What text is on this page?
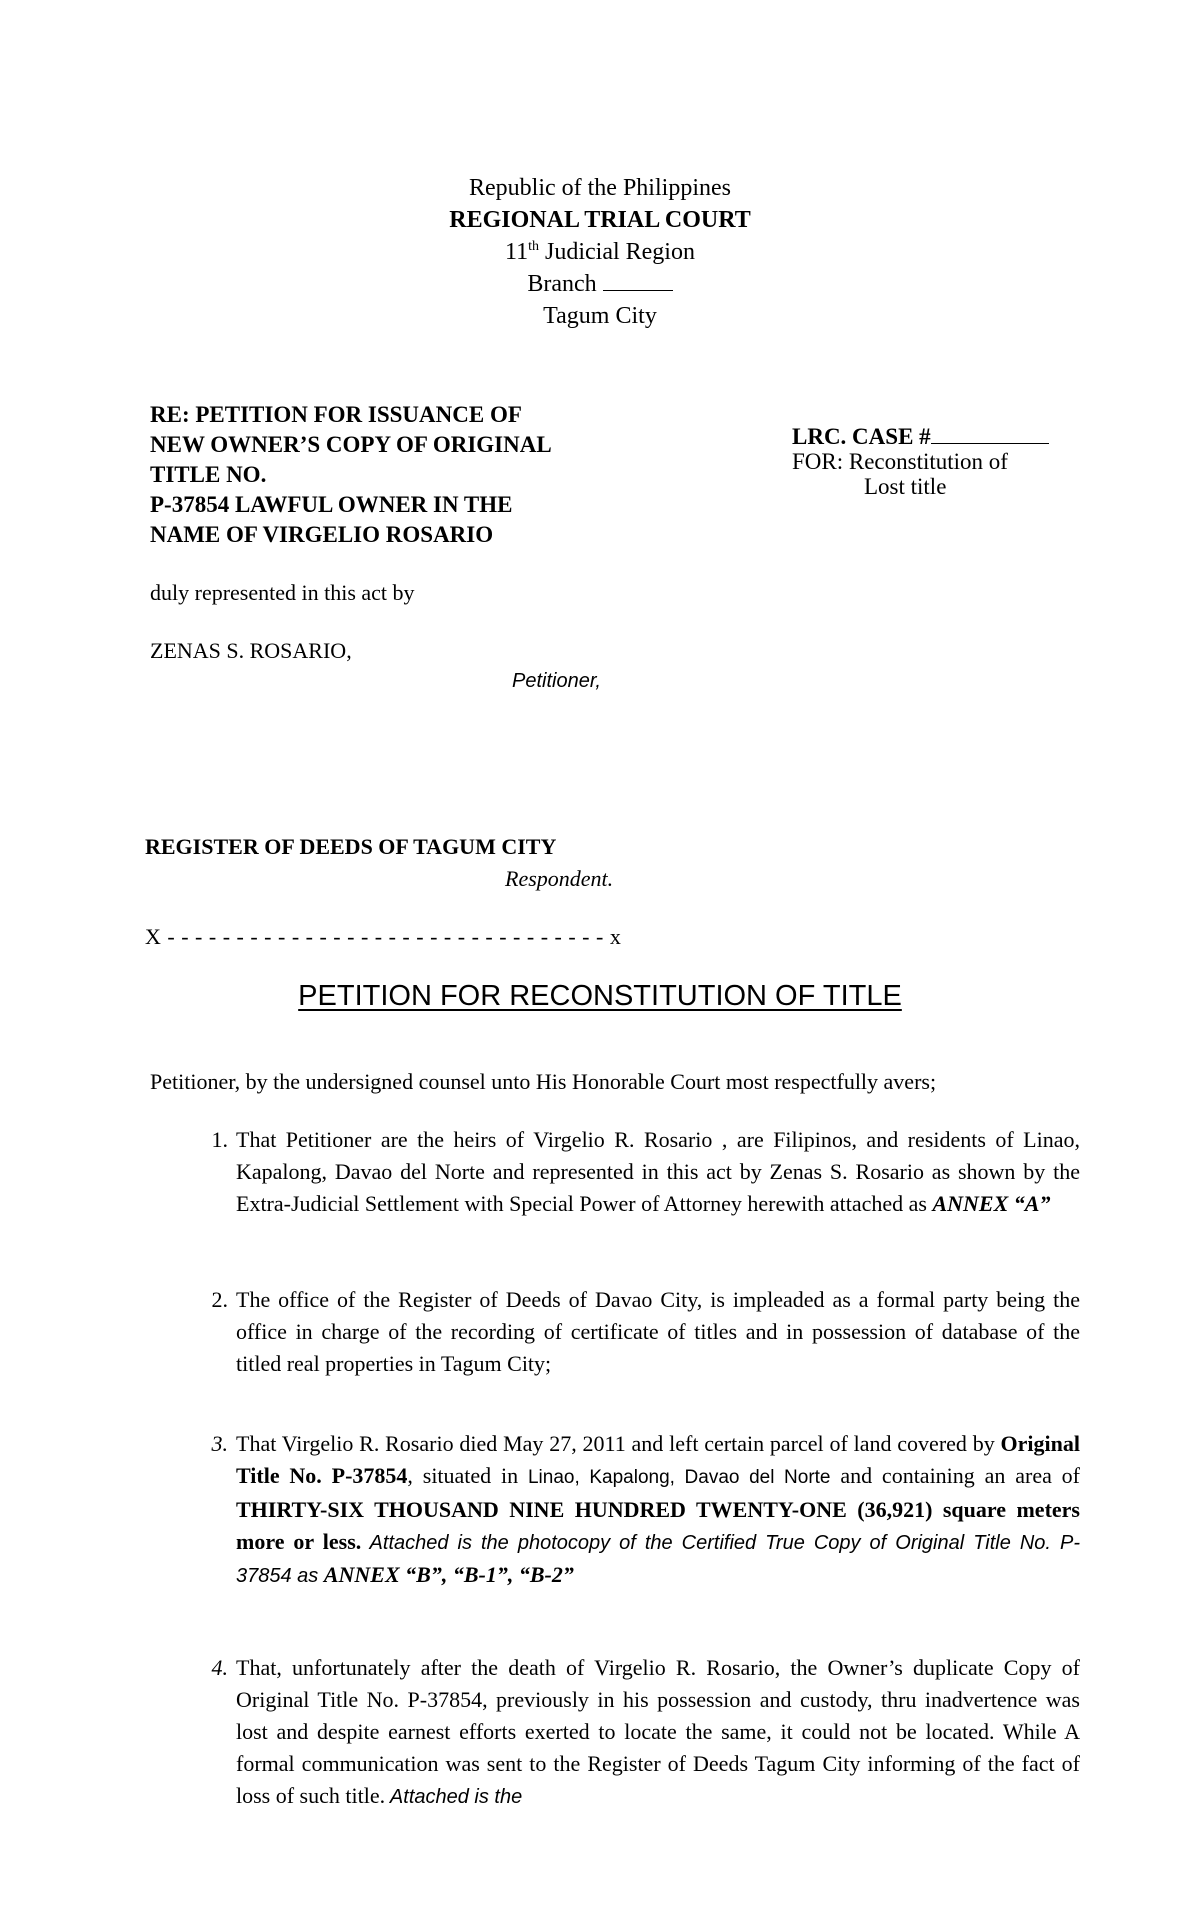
Republic of the Philippines
REGIONAL TRIAL COURT
11th Judicial Region
Branch
Tagum City
RE: PETITION FOR ISSUANCE OF
NEW OWNER’S COPY OF ORIGINAL
TITLE NO.
P-37854 LAWFUL OWNER IN THE
NAME OF VIRGELIO ROSARIO
LRC. CASE #
FOR: Reconstitution of
Lost title
duly represented in this act by
ZENAS S. ROSARIO,
Petitioner,
REGISTER OF DEEDS OF TAGUM CITY
Respondent.
X - - - - - - - - - - - - - - - - - - - - - - - - - - - - - - - - x
PETITION FOR RECONSTITUTION OF TITLE
Petitioner, by the undersigned counsel unto His Honorable Court most respectfully avers;
1. That Petitioner are the heirs of Virgelio R. Rosario , are Filipinos, and residents of Linao, Kapalong, Davao del Norte and represented in this act by Zenas S. Rosario as shown by the Extra-Judicial Settlement with Special Power of Attorney herewith attached as ANNEX “A”
2. The office of the Register of Deeds of Davao City, is impleaded as a formal party being the office in charge of the recording of certificate of titles and in possession of database of the titled real properties in Tagum City;
3. That Virgelio R. Rosario died May 27, 2011 and left certain parcel of land covered by Original Title No. P-37854, situated in Linao, Kapalong, Davao del Norte and containing an area of THIRTY-SIX THOUSAND NINE HUNDRED TWENTY-ONE (36,921) square meters more or less. Attached is the photocopy of the Certified True Copy of Original Title No. P-37854 as ANNEX “B”, “B-1”, “B-2”
4. That, unfortunately after the death of Virgelio R. Rosario, the Owner’s duplicate Copy of Original Title No. P-37854, previously in his possession and custody, thru inadvertence was lost and despite earnest efforts exerted to locate the same, it could not be located. While A formal communication was sent to the Register of Deeds Tagum City informing of the fact of loss of such title. Attached is the
